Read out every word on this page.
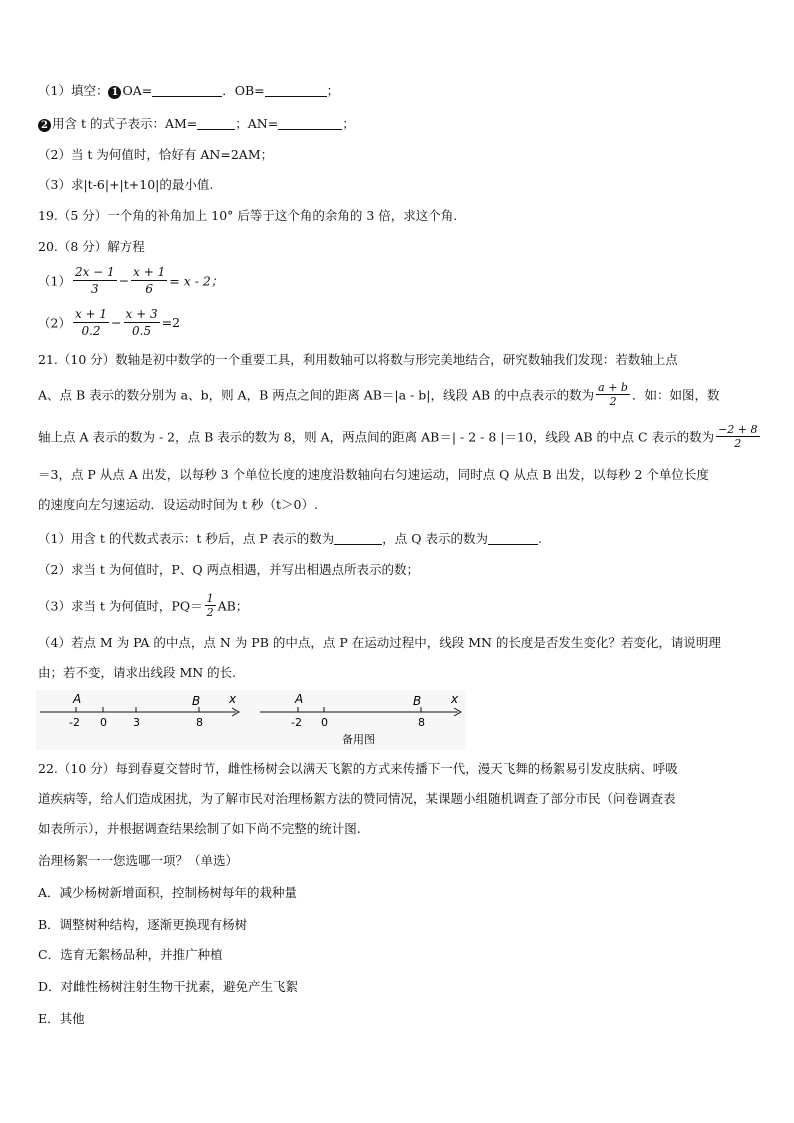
（1）填空： 1 OA=	．OB=	；
2 用含 t 的式子表示：AM=	；AN=	；
（2）当 t 为何值时，恰好有 AN=2AM；
（3）求|t-6|+|t+10|的最小值.
19.（5 分）一个角的补角加上 10° 后等于这个角的余角的 3 倍，求这个角.
20.（8 分）解方程
$(1) \frac{2x - 1}{3} - \frac{x + 1}{6} = x - 2$；
$(2) \frac{x + 1}{0.2} - \frac{x + 3}{0.5} =2$
21.（10 分）数轴是初中数学的一个重要工具，利用数轴可以将数与形完美地结合，研究数轴我们发现：若数轴上点
A、点 B 表示的数分别为 a、b，则 A，B 两点之间的距离 AB＝|a - b|，线段 AB 的中点表示的数为 $\frac{a + b}{2}$ ．如：如图，数
轴上点 A 表示的数为 - 2，点 B 表示的数为 8，则 A，两点间的距离 AB＝| - 2 - 8 |＝10，线段 AB 的中点 C 表示的数为 $\frac{-2 + 8}{2}$
＝3，点 P 从点 A 出发，以每秒 3 个单位长度的速度沿数轴向右匀速运动，同时点 Q 从点 B 出发，以每秒 2 个单位长度
的速度向左匀速运动．设运动时间为 t 秒（t＞0）.
（1）用含 t 的代数式表示：t 秒后，点 P 表示的数为	，点 Q 表示的数为	.
（2）求当 t 为何值时，P、Q 两点相遇，并写出相遇点所表示的数；
（3）求当 t 为何值时，$PQ= \frac{1}{2}$ AB；
（4）若点 M 为 PA 的中点，点 N 为 PB 的中点，点 P 在运动过程中，线段 MN 的长度是否发生变化？若变化，请说明理
由；若不变，请求出线段 MN 的长.
A	B x
-2 0 3	8
A	B x
-2 0	8
备用图
22.（10 分）每到春夏交替时节，雌性杨树会以满天飞絮的方式来传播下一代，漫天飞舞的杨絮易引发皮肤病、呼吸
道疾病等，给人们造成困扰，为了解市民对治理杨絮方法的赞同情况，某课题小组随机调查了部分市民（问卷调查表
如表所示），并根据调查结果绘制了如下尚不完整的统计图.
治理杨絮一一您选哪一项？（单选）
A．减少杨树新增面积，控制杨树每年的栽种量
B．调整树种结构，逐渐更换现有杨树
C．选育无絮杨品种，并推广种植
D．对雌性杨树注射生物干扰素，避免产生飞絮
E．其他
